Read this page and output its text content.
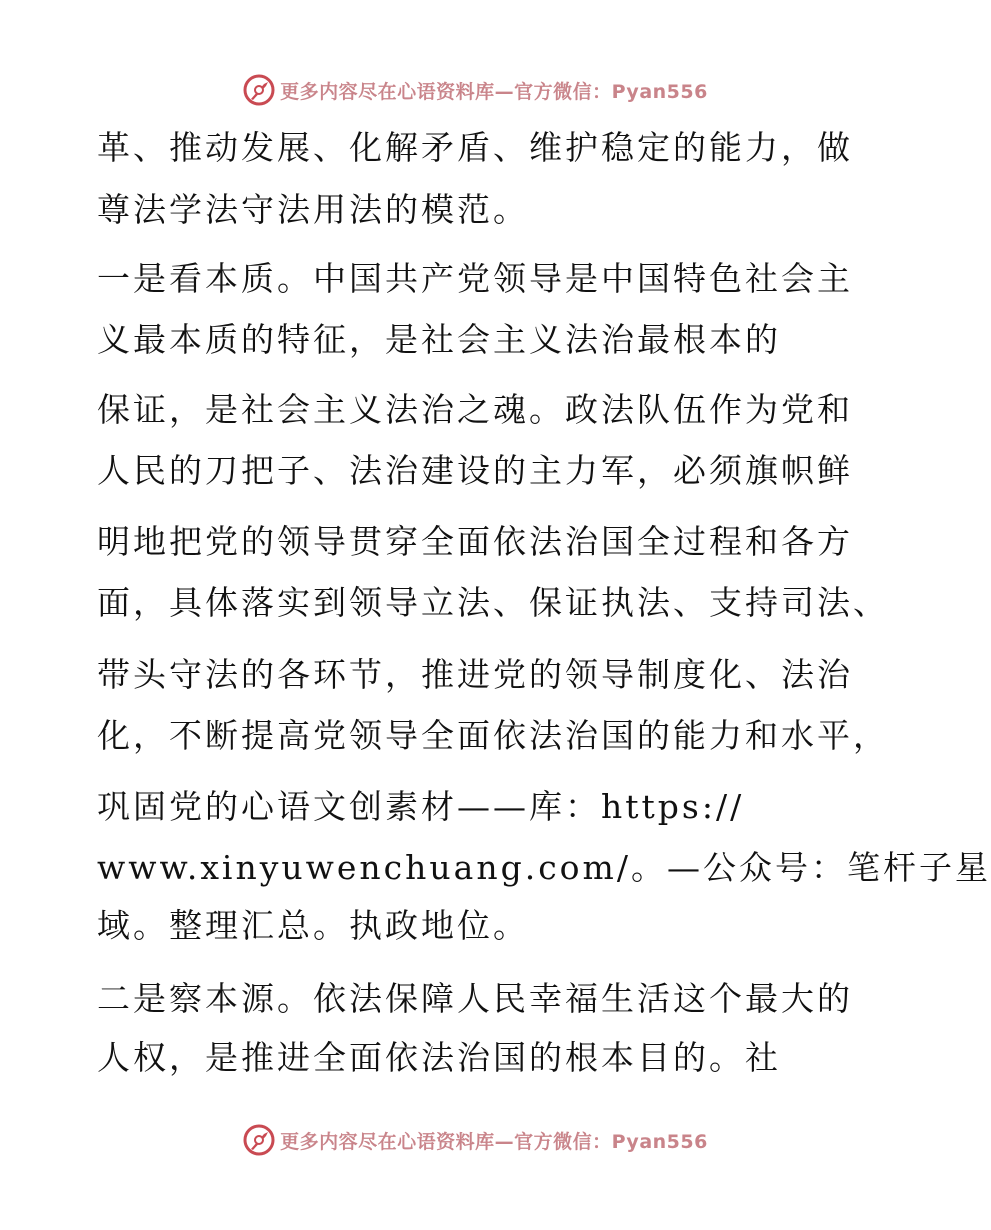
更多内容尽在心语资料库—官方微信：Pyan556
革、推动发展、化解矛盾、维护稳定的能力，做
尊法学法守法用法的模范。
一是看本质。中国共产党领导是中国特色社会主
义最本质的特征，是社会主义法治最根本的
保证，是社会主义法治之魂。政法队伍作为党和
人民的刀把子、法治建设的主力军，必须旗帜鲜
明地把党的领导贯穿全面依法治国全过程和各方
面，具体落实到领导立法、保证执法、支持司法、
带头守法的各环节，推进党的领导制度化、法治
化，不断提高党领导全面依法治国的能力和水平，
巩固党的心语文创素材——库：https://
www.xinyuwenchuang.com/。—公众号：笔杆子星
域。整理汇总。执政地位。
二是察本源。依法保障人民幸福生活这个最大的
人权，是推进全面依法治国的根本目的。社
更多内容尽在心语资料库—官方微信：Pyan556
